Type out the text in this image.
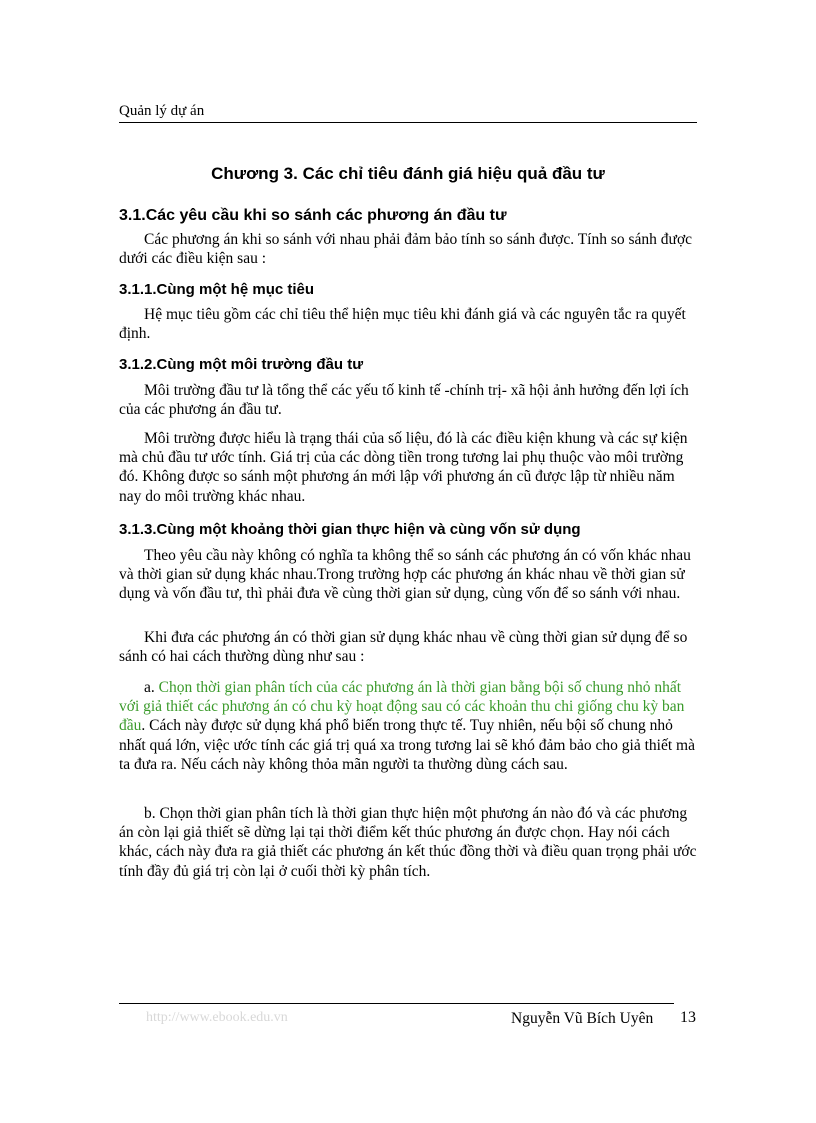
Quản lý dự án
Chương 3. Các chỉ tiêu đánh giá hiệu quả đầu tư
3.1.Các yêu cầu khi so sánh các phương án đầu tư
Các phương án khi so sánh với nhau phải đảm bảo tính so sánh được. Tính so sánh được dưới các điều kiện sau :
3.1.1.Cùng một hệ mục tiêu
Hệ mục tiêu gồm các chỉ tiêu thể hiện mục tiêu khi đánh giá và các nguyên tắc ra quyết định.
3.1.2.Cùng một môi trường đầu tư
Môi trường đầu tư là tổng thể các yếu tố kinh tế -chính trị- xã hội ảnh hưởng đến lợi ích của các phương án đầu tư.
Môi trường được hiểu là trạng thái của số liệu, đó là các điều kiện khung và các sự kiện mà chủ đầu tư ước tính. Giá trị của các dòng tiền trong tương lai phụ thuộc vào môi trường đó. Không được so sánh một phương án mới lập với phương án cũ được lập từ nhiều năm nay do môi trường khác nhau.
3.1.3.Cùng một khoảng thời gian thực hiện và cùng vốn sử dụng
Theo yêu cầu này không có nghĩa ta không thể so sánh các phương án có vốn khác nhau và thời gian sử dụng khác nhau.Trong trường hợp các phương án khác nhau về thời gian sử dụng và vốn đầu tư, thì phải đưa về cùng thời gian sử dụng, cùng vốn để so sánh với nhau.
Khi đưa các phương án có thời gian sử dụng khác nhau về cùng thời gian sử dụng để so sánh có hai cách thường dùng như sau :
a. Chọn thời gian phân tích của các phương án là thời gian bằng bội số chung nhỏ nhất với giả thiết các phương án có chu kỳ hoạt động sau có các khoản thu chi giống chu kỳ ban đầu. Cách này được sử dụng khá phổ biến trong thực tế. Tuy nhiên, nếu bội số chung nhỏ nhất quá lớn, việc ước tính các giá trị quá xa trong tương lai sẽ khó đảm bảo cho giả thiết mà ta đưa ra. Nếu cách này không thỏa mãn người ta thường dùng cách sau.
b. Chọn thời gian phân tích là thời gian thực hiện một phương án nào đó và các phương án còn lại giả thiết sẽ dừng lại tại thời điểm kết thúc phương án được chọn. Hay nói cách khác, cách này đưa ra giả thiết các phương án kết thúc đồng thời và điều quan trọng phải ước tính đầy đủ giá trị còn lại ở cuối thời kỳ phân tích.
http://www.ebook.edu.vn	Nguyễn Vũ Bích Uyên 13
